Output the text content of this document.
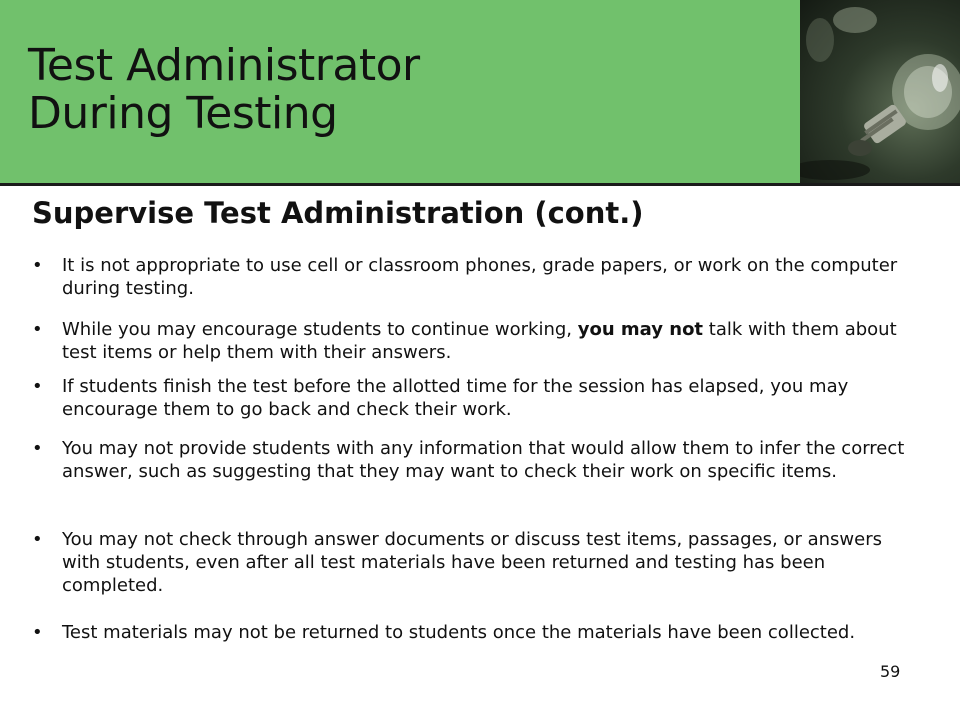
Test Administrator
During Testing
Supervise Test Administration (cont.)
• It is not appropriate to use cell or classroom phones, grade papers, or work on the computer during testing.
• While you may encourage students to continue working, you may not talk with them about test items or help them with their answers.
• If students finish the test before the allotted time for the session has elapsed, you may encourage them to go back and check their work.
• You may not provide students with any information that would allow them to infer the correct answer, such as suggesting that they may want to check their work on specific items.
• You may not check through answer documents or discuss test items, passages, or answers with students, even after all test materials have been returned and testing has been completed.
• Test materials may not be returned to students once the materials have been collected.
59
